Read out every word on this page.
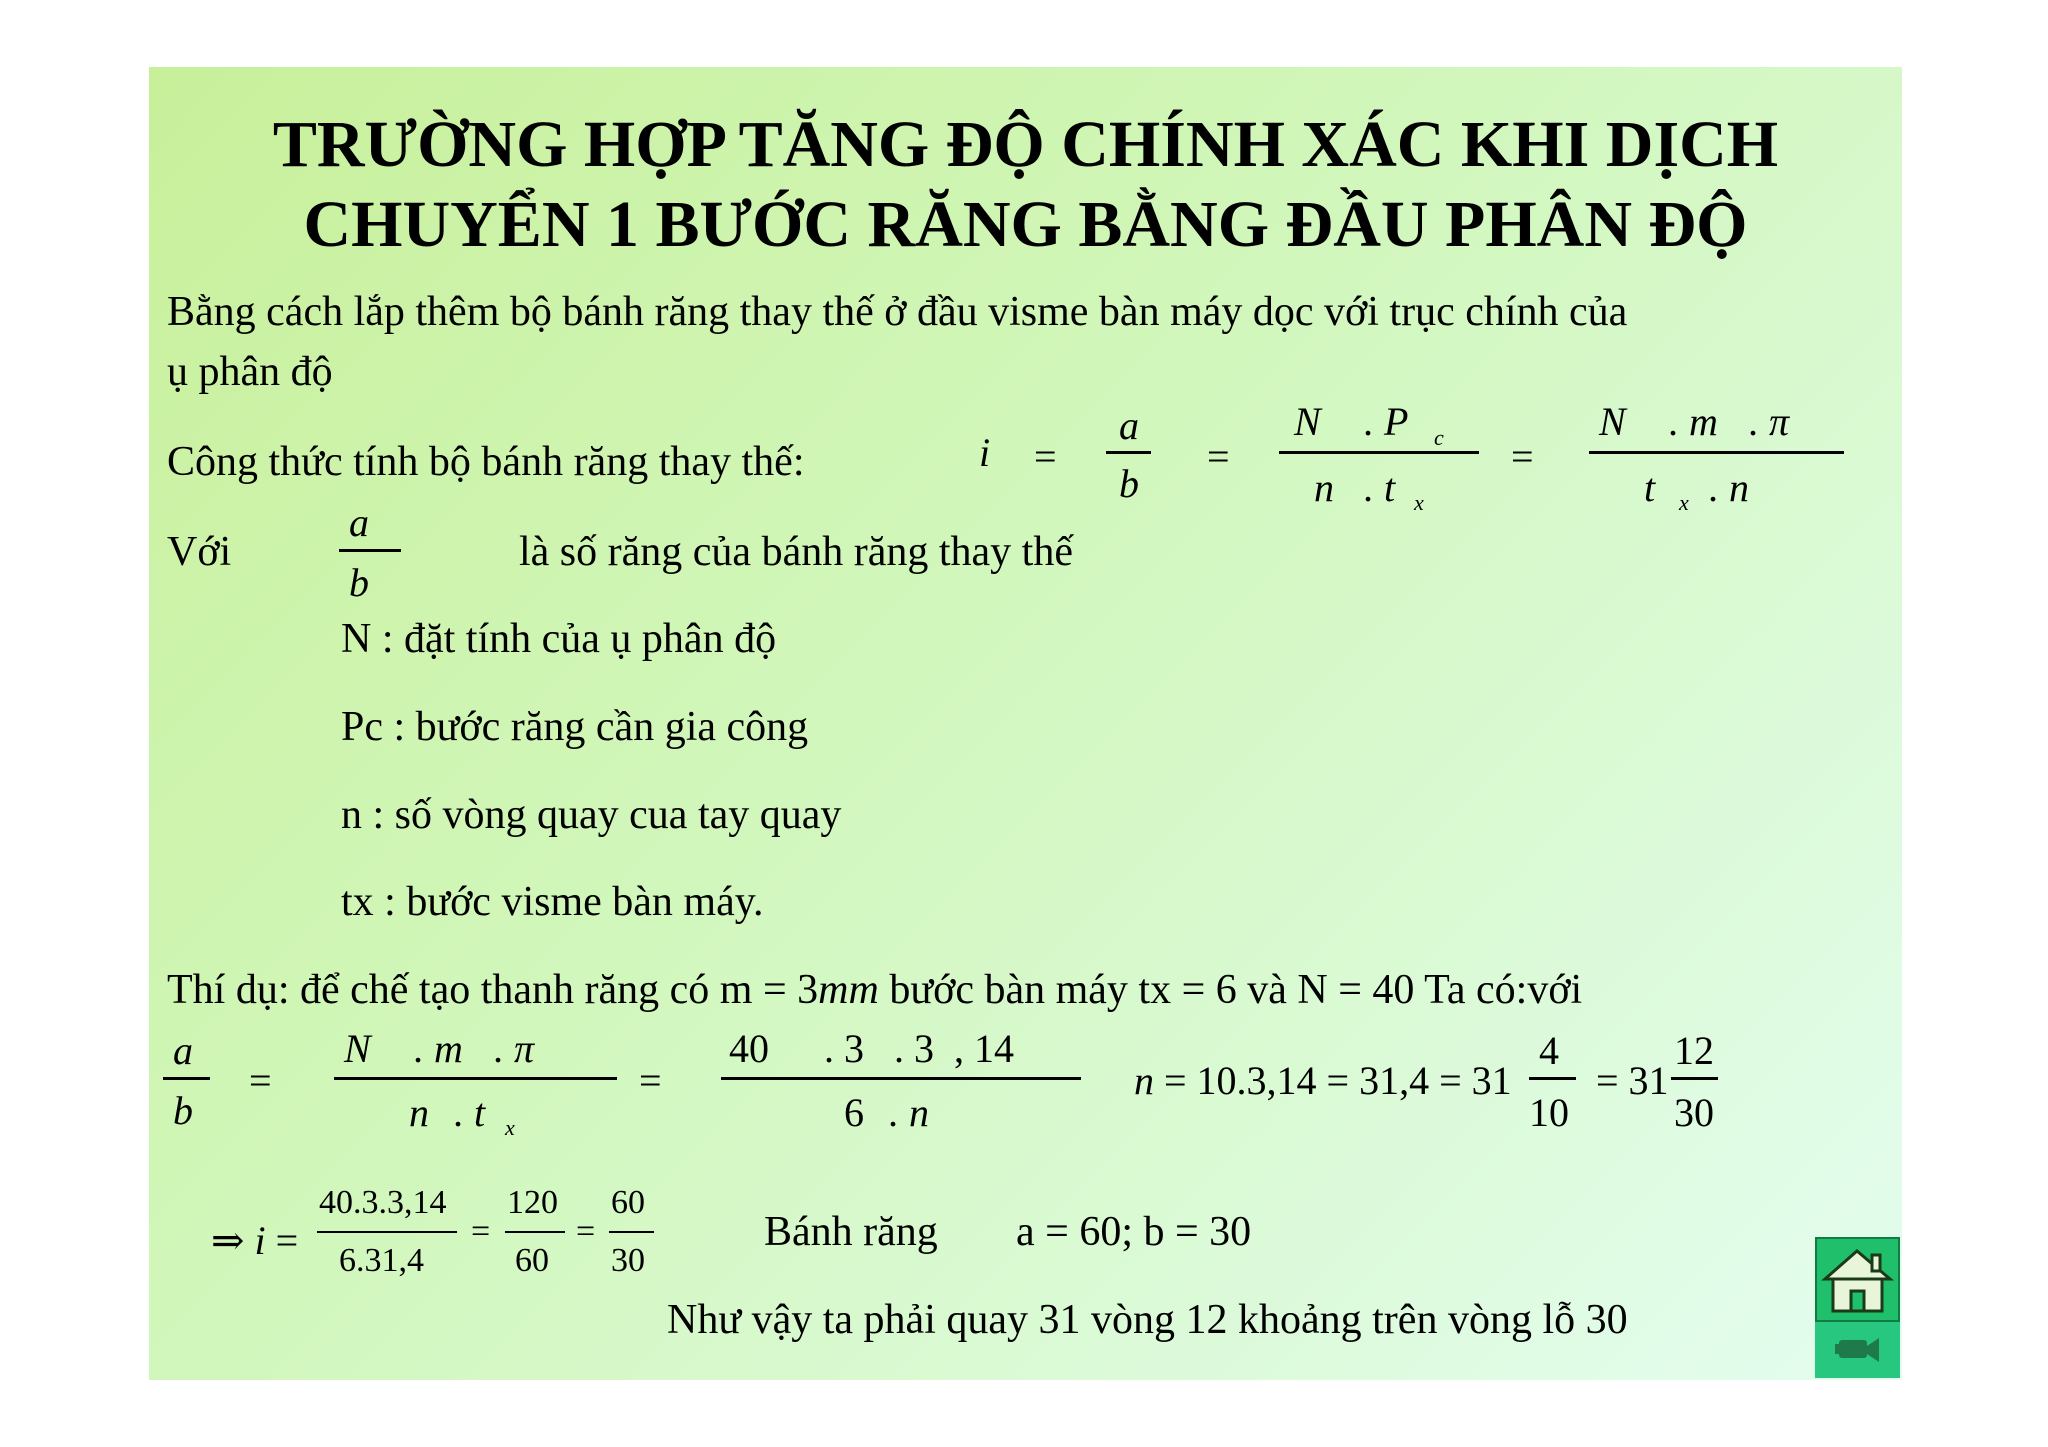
TRƯỜNG HỢP TĂNG ĐỘ CHÍNH XÁC KHI DỊCH
CHUYỂN 1 BƯỚC RĂNG BẰNG ĐẦU PHÂN ĐỘ
Bằng cách lắp thêm bộ bánh răng thay thế ở đầu visme bàn máy dọc với trục chính của
ụ phân độ
Công thức tính bộ bánh răng thay thế:	i =
a
b
=
N . P c
n . t x
=
N . m . π
t x . n
Với
a
b
là số răng của bánh răng thay thế
N : đặt tính của ụ phân độ
Pc : bước răng cần gia công
n : số vòng quay cua tay quay
tx : bước visme bàn máy.
Thí dụ: để chế tạo thanh răng có m = 3mm bước bàn máy tx = 6 và N = 40 Ta có:với
a
b
=
N . m . π
n . t x
=
40 . 3 . 3 , 14
6 . n
n = 10.3,14 = 31,4 = 31
4
10
= 31
12
30
⇒ i =
40.3.3,14
6.31,4
=
120
60
=
60
30
Bánh răng a = 60; b = 30
Như vậy ta phải quay 31 vòng 12 khoảng trên vòng lỗ 30
